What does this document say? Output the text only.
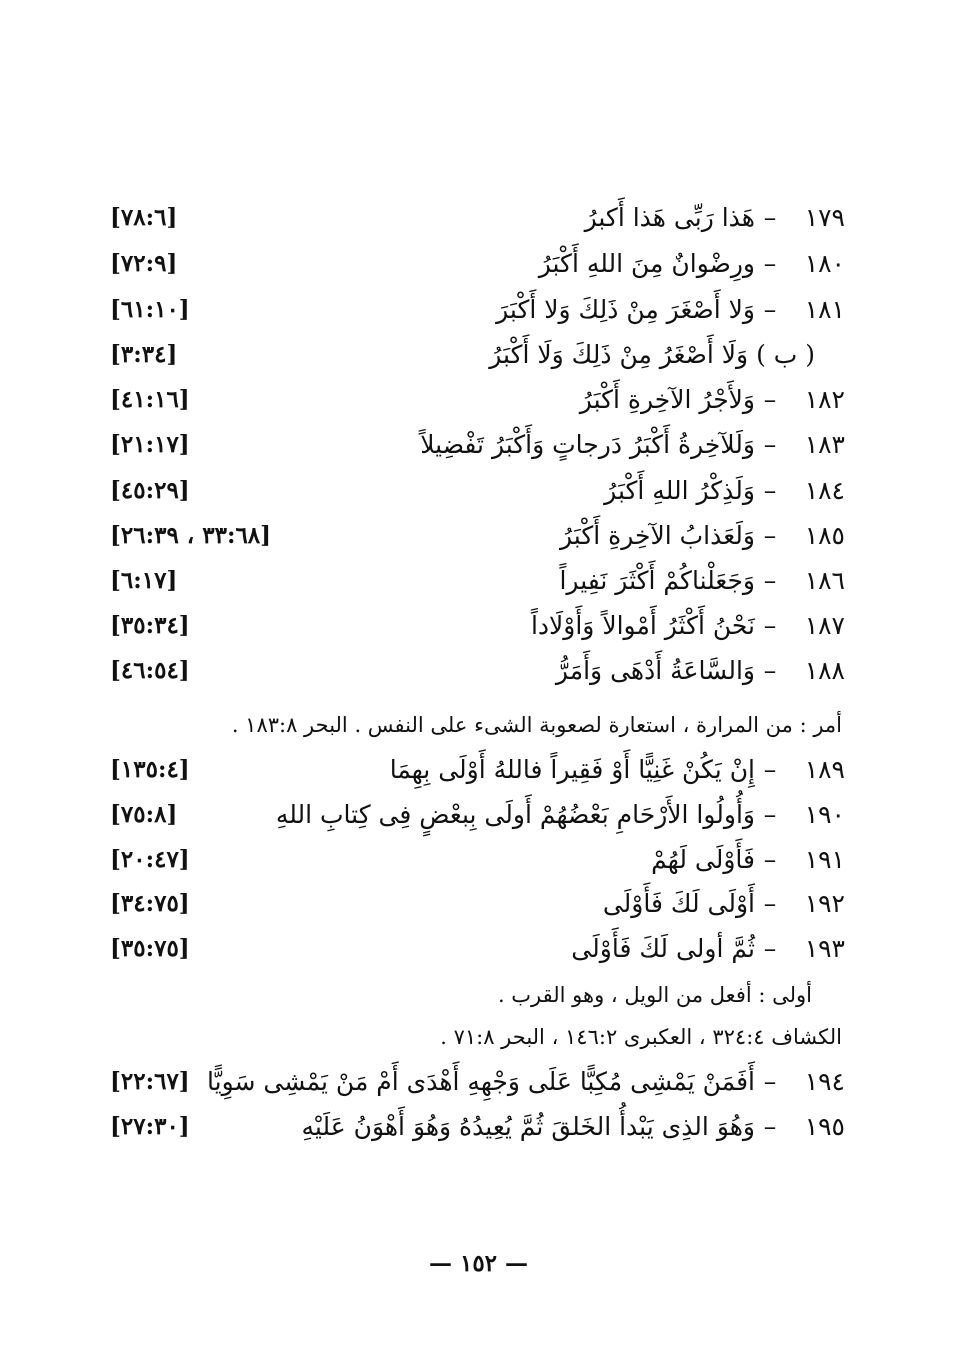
١٧٩–هَذا رَبِّى هَذا أَكبرُ
[٧٨:٦]
١٨٠–ورِضْوانٌ مِنَ اللهِ أَكْبَرُ
[٧٢:٩]
١٨١–وَلا أَصْغَرَ مِنْ ذَلِكَ وَلا أَكْبَرَ
[٦١:١٠]
( ب ) وَلَا أَصْغَرُ مِنْ ذَلِكَ وَلَا أَكْبَرُ
[٣:٣٤]
١٨٢–وَلأَجْرُ الآخِرةِ أَكْبَرُ
[٤١:١٦]
١٨٣–وَلَلآخِرةُ أَكْبَرُ دَرجاتٍ وَأَكْبَرُ تَفْضِيلاً
[٢١:١٧]
١٨٤–وَلَذِكْرُ اللهِ أَكْبَرُ
[٤٥:٢٩]
١٨٥–وَلَعَذابُ الآخِرةِ أَكْبَرُ
[٣٣:٦٨ ، ٢٦:٣٩]
١٨٦–وَجَعَلْناكُمْ أَكْثَرَ نَفِيراً
[٦:١٧]
١٨٧–نَحْنُ أَكْثَرُ أَمْوالاً وَأَوْلَاداً
[٣٥:٣٤]
١٨٨–وَالسَّاعَةُ أَدْهَى وَأَمَرُّ
[٤٦:٥٤]
أمر : من المرارة ، استعارة لصعوبة الشىء على النفس . البحر ١٨٣:٨ .
١٨٩–إِنْ يَكُنْ غَنِيًّا أَوْ فَقِيراً فاللهُ أَوْلَى بِهِمَا
[١٣٥:٤]
١٩٠–وَأُولُوا الأَرْحَامِ بَعْضُهُمْ أَولَى بِبعْضٍ فِى كِتابِ اللهِ
[٧٥:٨]
١٩١–فَأَوْلَى لَهُمْ
[٢٠:٤٧]
١٩٢–أَوْلَى لَكَ فَأَوْلَى
[٣٤:٧٥]
١٩٣–ثُمَّ أولى لَكَ فَأَوْلَى
[٣٥:٧٥]
أولى : أفعل من الويل ، وهو القرب .
الكشاف ٣٢٤:٤ ، العكبرى ١٤٦:٢ ، البحر ٧١:٨ .
١٩٤–أَفَمَنْ يَمْشِى مُكِبًّا عَلَى وَجْهِهِ أَهْدَى أَمْ مَنْ يَمْشِى سَوِيًّا
[٢٢:٦٧]
١٩٥–وَهُوَ الذِى يَبْدأُ الخَلقَ ثُمَّ يُعِيدُهُ وَهُوَ أَهْوَنُ عَلَيْهِ
[٢٧:٣٠]
— ١٥٢ —
